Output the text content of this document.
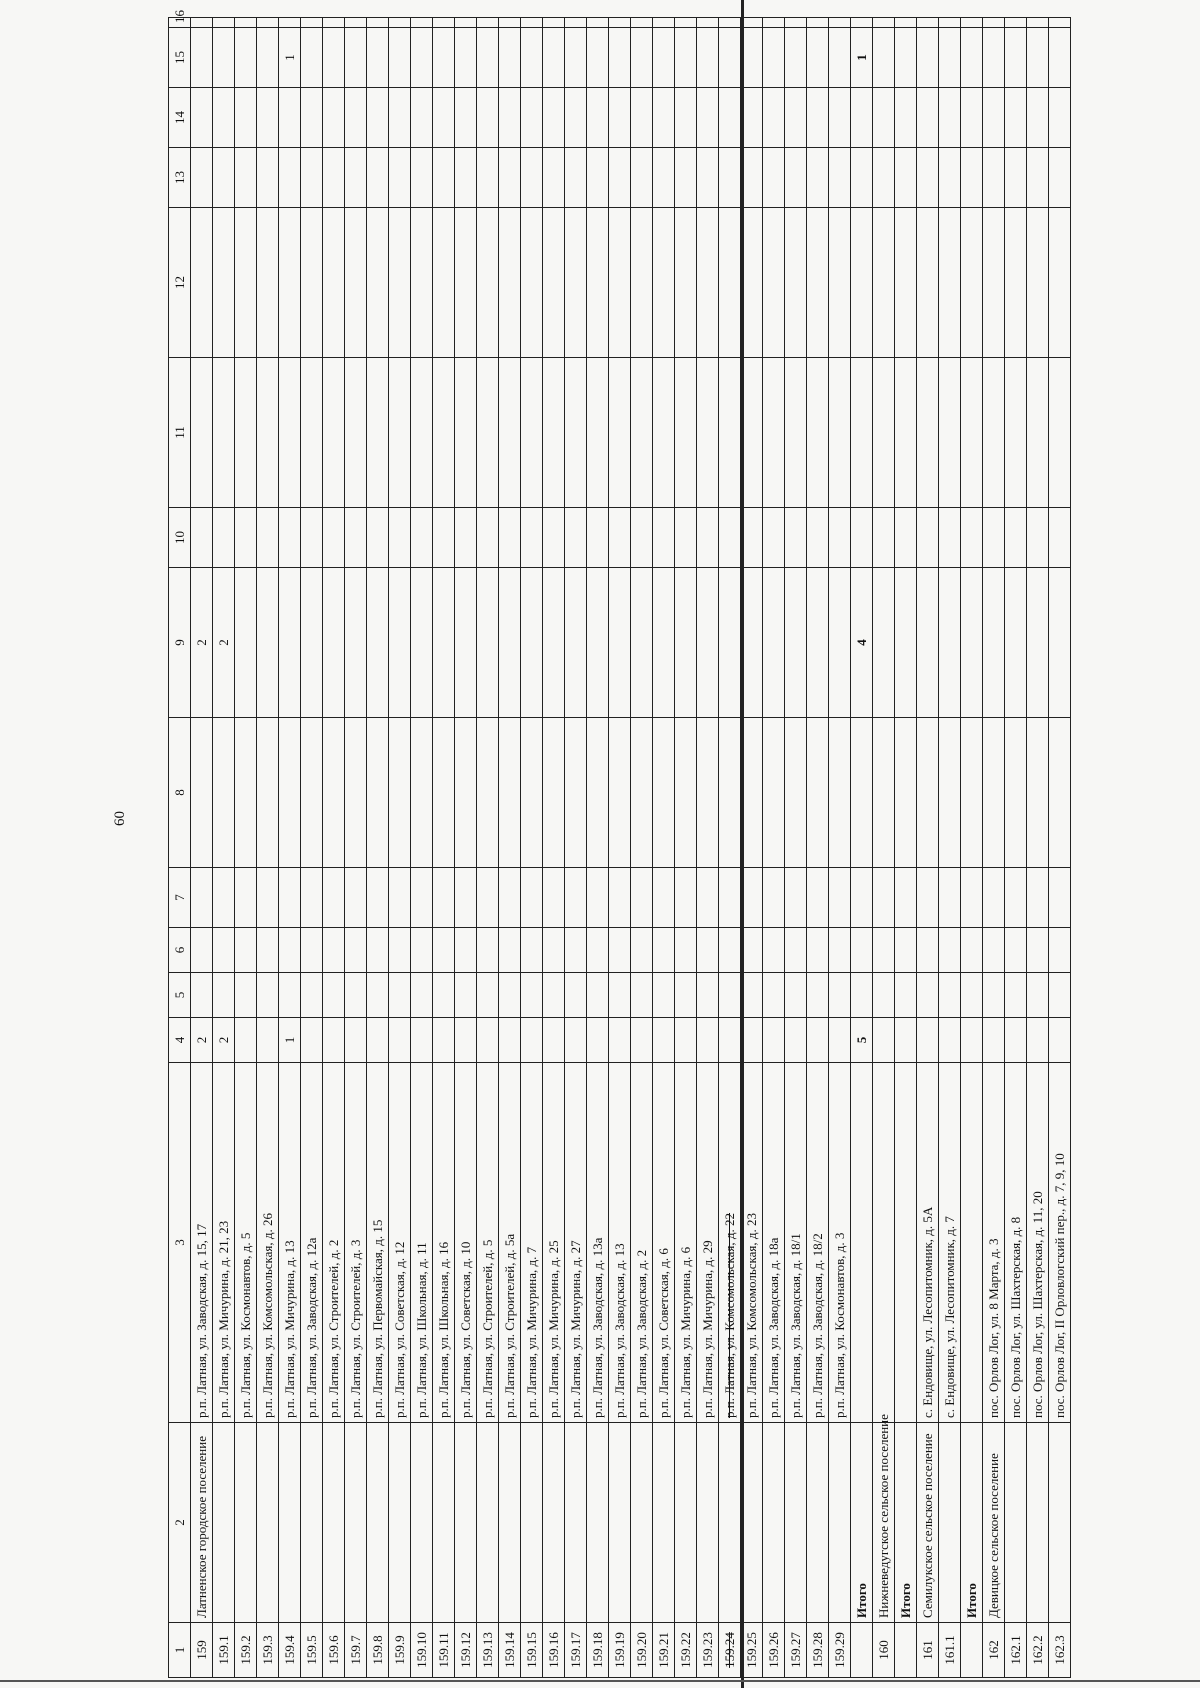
60
1	2	3	4	5	6	7	8	9	10	11	12	13	14	15	16
159	Латненское городское поселение	р.п. Латная, ул. Заводская, д. 15, 17	2					2							
159.1		р.п. Латная, ул. Мичурина, д. 21, 23	2					2							
159.2		р.п. Латная, ул. Космонавтов, д. 5													
159.3		р.п. Латная, ул. Комсомольская, д. 26													
159.4		р.п. Латная, ул. Мичурина, д. 13	1											1	
159.5		р.п. Латная, ул. Заводская, д. 12а													
159.6		р.п. Латная, ул. Строителей, д. 2													
159.7		р.п. Латная, ул. Строителей, д. 3													
159.8		р.п. Латная, ул. Первомайская, д. 15													
159.9		р.п. Латная, ул. Советская, д. 12													
159.10		р.п. Латная, ул. Школьная, д. 11													
159.11		р.п. Латная, ул. Школьная, д. 16													
159.12		р.п. Латная, ул. Советская, д. 10													
159.13		р.п. Латная, ул. Строителей, д. 5													
159.14		р.п. Латная, ул. Строителей, д. 5а													
159.15		р.п. Латная, ул. Мичурина, д. 7													
159.16		р.п. Латная, ул. Мичурина, д. 25													
159.17		р.п. Латная, ул. Мичурина, д. 27													
159.18		р.п. Латная, ул. Заводская, д. 13а													
159.19		р.п. Латная, ул. Заводская, д. 13													
159.20		р.п. Латная, ул. Заводская, д. 2													
159.21		р.п. Латная, ул. Советская, д. 6													
159.22		р.п. Латная, ул. Мичурина, д. 6													
159.23		р.п. Латная, ул. Мичурина, д. 29													
159.24		р.п. Латная, ул. Комсомольская, д. 22													
159.25		р.п. Латная, ул. Комсомольская, д. 23													
159.26		р.п. Латная, ул. Заводская, д. 18а													
159.27		р.п. Латная, ул. Заводская, д. 18/1													
159.28		р.п. Латная, ул. Заводская, д. 18/2													
159.29		р.п. Латная, ул. Космонавтов, д. 3													
	Итого		5					4						1	
160	Нижневедугское сельское поселение														
	Итого														
161	Семилукское сельское поселение	с. Ендовище, ул. Лесопитомник, д. 5А													
161.1		с. Ендовище, ул. Лесопитомник, д. 7													
	Итого														
162	Девицкое сельское поселение	пос. Орлов Лог, ул. 8 Марта, д. 3													
162.1		пос. Орлов Лог, ул. Шахтерская, д. 8													
162.2		пос. Орлов Лог, ул. Шахтерская, д. 11, 20													
162.3		пос. Орлов Лог, II Орловлогский пер., д. 7, 9, 10													
